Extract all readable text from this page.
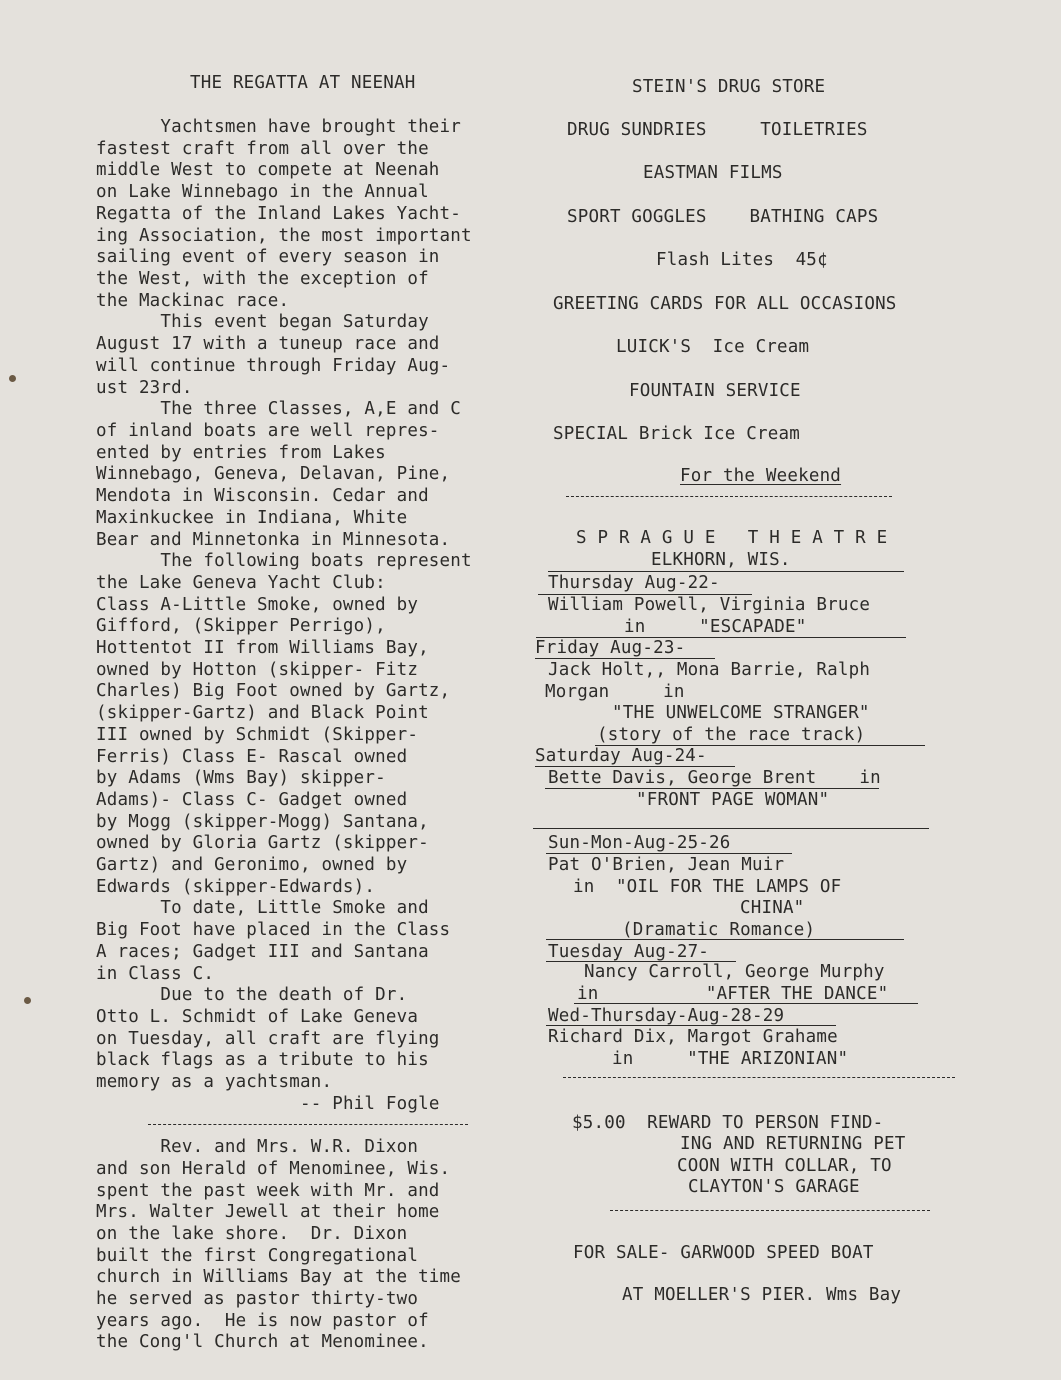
THE REGATTA AT NEENAH
Yachtsmen have brought their
fastest craft from all over the
middle West to compete at Neenah
on Lake Winnebago in the Annual
Regatta of the Inland Lakes Yacht-
ing Association, the most important
sailing event of every season in
the West, with the exception of
the Mackinac race.
This event began Saturday
August 17 with a tuneup race and
will continue through Friday Aug-
ust 23rd.
The three Classes, A,E and C
of inland boats are well repres-
ented by entries from Lakes
Winnebago, Geneva, Delavan, Pine,
Mendota in Wisconsin. Cedar and
Maxinkuckee in Indiana, White
Bear and Minnetonka in Minnesota.
The following boats represent
the Lake Geneva Yacht Club:
Class A-Little Smoke, owned by
Gifford, (Skipper Perrigo),
Hottentot II from Williams Bay,
owned by Hotton (skipper- Fitz
Charles) Big Foot owned by Gartz,
(skipper-Gartz) and Black Point
III owned by Schmidt (Skipper-
Ferris) Class E- Rascal owned
by Adams (Wms Bay) skipper-
Adams)- Class C- Gadget owned
by Mogg (skipper-Mogg) Santana,
owned by Gloria Gartz (skipper-
Gartz) and Geronimo, owned by
Edwards (skipper-Edwards).
To date, Little Smoke and
Big Foot have placed in the Class
A races; Gadget III and Santana
in Class C.
Due to the death of Dr.
Otto L. Schmidt of Lake Geneva
on Tuesday, all craft are flying
black flags as a tribute to his
memory as a yachtsman.
-- Phil Fogle
Rev. and Mrs. W.R. Dixon
and son Herald of Menominee, Wis.
spent the past week with Mr. and
Mrs. Walter Jewell at their home
on the lake shore.  Dr. Dixon
built the first Congregational
church in Williams Bay at the time
he served as pastor thirty-two
years ago.  He is now pastor of
the Cong'l Church at Menominee.
STEIN'S DRUG STORE
DRUG SUNDRIES     TOILETRIES
EASTMAN FILMS
SPORT GOGGLES    BATHING CAPS
Flash Lites  45¢
GREETING CARDS FOR ALL OCCASIONS
LUICK'S  Ice Cream
FOUNTAIN SERVICE
SPECIAL Brick Ice Cream
For the Weekend
S P R A G U E   T H E A T R E
ELKHORN, WIS.
Thursday Aug-22-
William Powell, Virginia Bruce
in     "ESCAPADE"
Friday Aug-23-
Jack Holt,, Mona Barrie, Ralph
Morgan     in
"THE UNWELCOME STRANGER"
(story of the race track)
Saturday Aug-24-
Bette Davis, George Brent    in
"FRONT PAGE WOMAN"
Sun-Mon-Aug-25-26
Pat O'Brien, Jean Muir
in  "OIL FOR THE LAMPS OF
CHINA"
(Dramatic Romance)
Tuesday Aug-27-
Nancy Carroll, George Murphy
in          "AFTER THE DANCE"
Wed-Thursday-Aug-28-29
Richard Dix, Margot Grahame
in     "THE ARIZONIAN"
$5.00  REWARD TO PERSON FIND-
ING AND RETURNING PET
COON WITH COLLAR, TO
CLAYTON'S GARAGE
FOR SALE- GARWOOD SPEED BOAT
AT MOELLER'S PIER. Wms Bay
